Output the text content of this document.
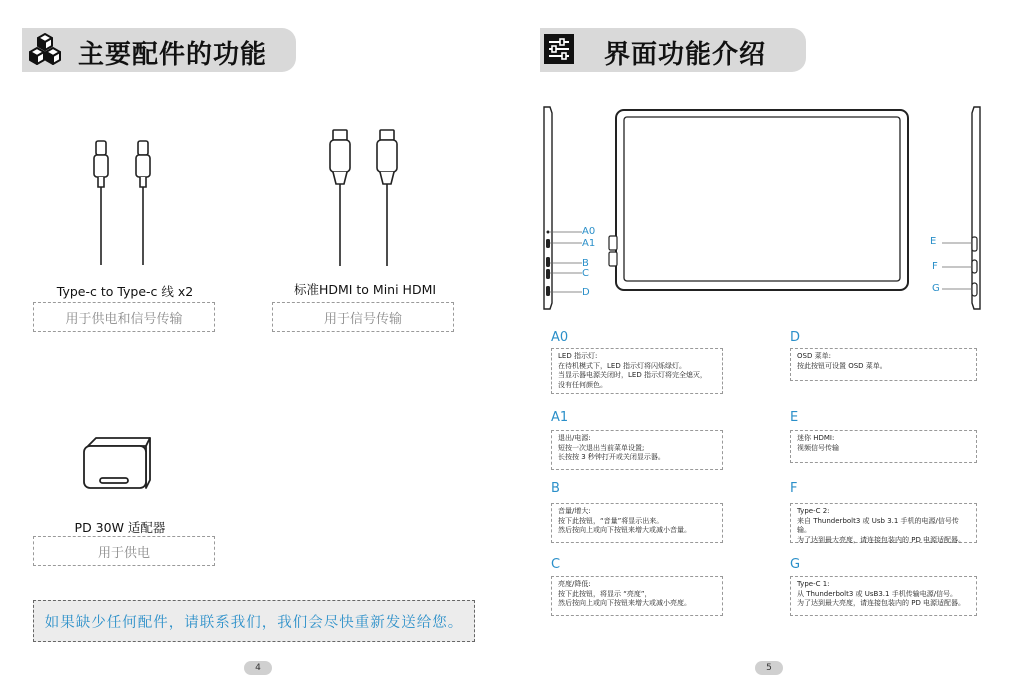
主要配件的功能
Type-c to Type-c 线 x2
用于供电和信号传输
标准HDMI to Mini HDMI
用于信号传输
PD 30W 适配器
用于供电
如果缺少任何配件，请联系我们，我们会尽快重新发送给您。
4
界面功能介绍
A0
A1
B
C
D
E
F
G
A0
LED 指示灯:
在待机模式下，LED 指示灯将闪烁绿灯。
当显示器电源关闭时，LED 指示灯将完全熄灭，
没有任何颜色。
D
OSD 菜单:
按此按钮可设置 OSD 菜单。
A1
退出/电源:
短按一次退出当前菜单设置;
长按按 3 秒钟打开或关闭显示器。
E
迷你 HDMI:
视频信号传输
B
音量/增大:
按下此按钮，“音量”将显示出来。
然后按向上或向下按钮来增大或减小音量。
F
Type-C 2:
来自 Thunderbolt3 或 Usb 3.1 手机的电源/信号传输。
为了达到最大亮度，请连接包装内的 PD 电源适配器。
C
亮度/降低:
按下此按钮，将显示 “亮度”，
然后按向上或向下按钮来增大或减小亮度。
G
Type-C 1:
从 Thunderbolt3 或 UsB3.1 手机传输电源/信号。
为了达到最大亮度，请连接包装内的 PD 电源适配器。
5
